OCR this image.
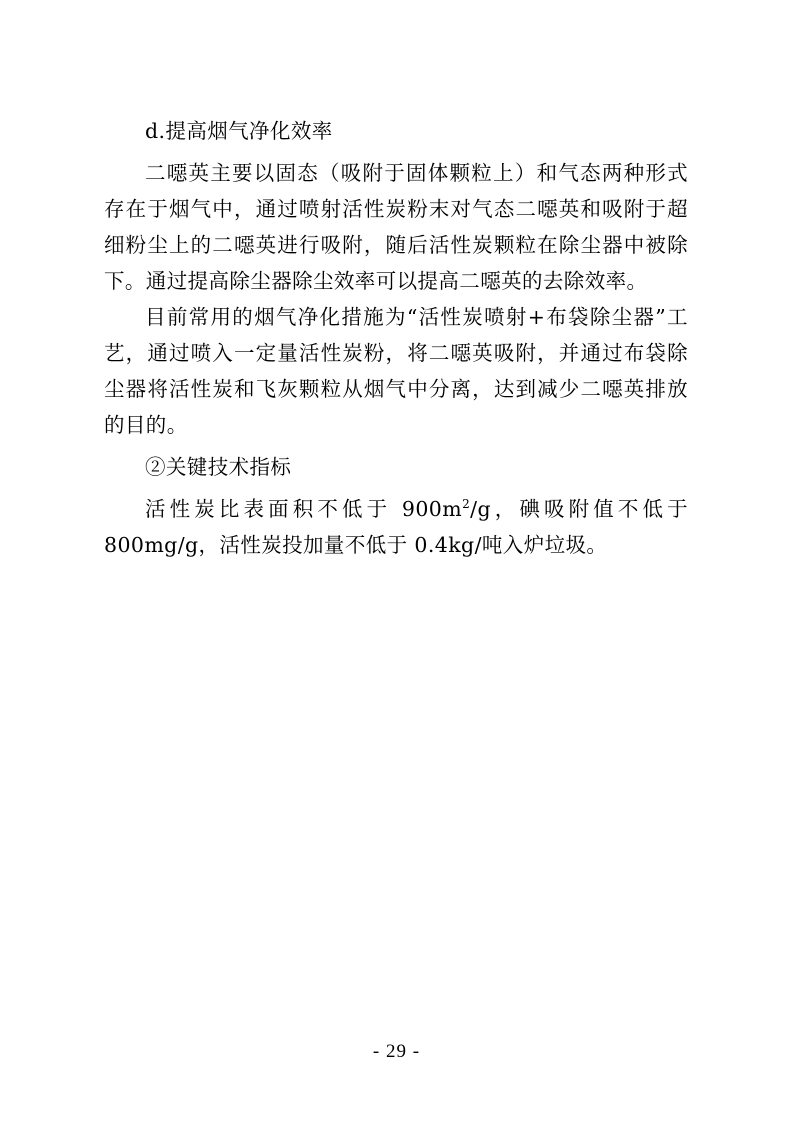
d.提高烟气净化效率

二噁英主要以固态（吸附于固体颗粒上）和气态两种形式存在于烟气中，通过喷射活性炭粉末对气态二噁英和吸附于超细粉尘上的二噁英进行吸附，随后活性炭颗粒在除尘器中被除下。通过提高除尘器除尘效率可以提高二噁英的去除效率。

目前常用的烟气净化措施为“活性炭喷射+布袋除尘器”工艺，通过喷入一定量活性炭粉，将二噁英吸附，并通过布袋除尘器将活性炭和飞灰颗粒从烟气中分离，达到减少二噁英排放的目的。

②关键技术指标

活性炭比表面积不低于 $900m^2/g$，碘吸附值不低于 800mg/g，活性炭投加量不低于 0.4kg/吨入炉垃圾。

- 29 -
